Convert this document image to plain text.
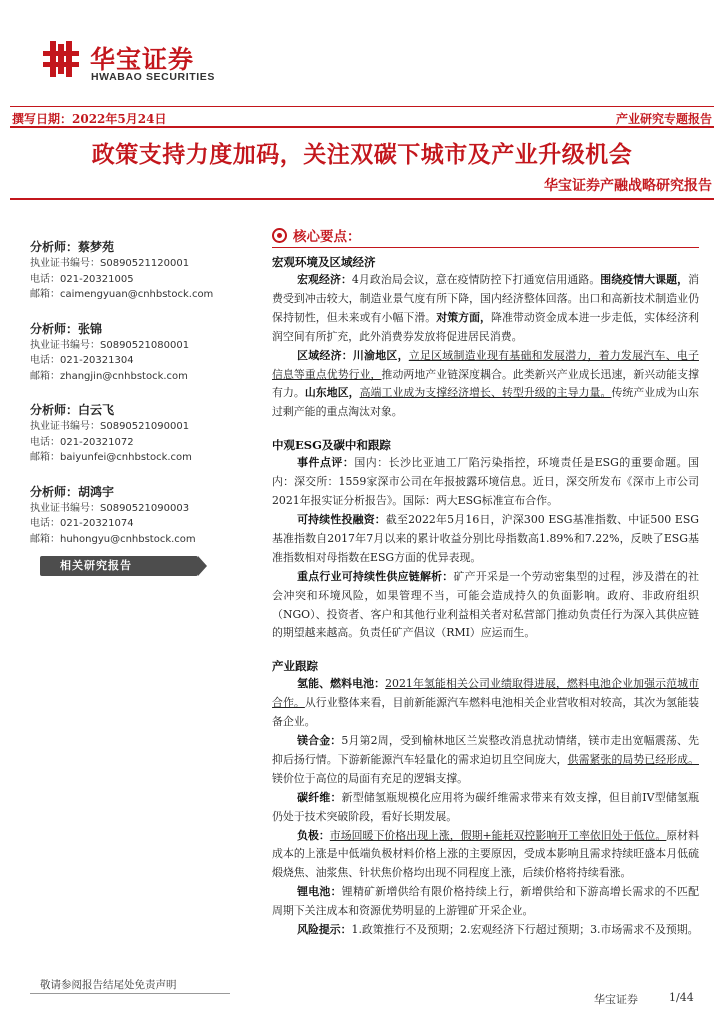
华宝证券
HWABAO SECURITIES
撰写日期：2022年5月24日	产业研究专题报告
政策支持力度加码，关注双碳下城市及产业升级机会
华宝证券产融战略研究报告
分析师：蔡梦苑
执业证书编号：S0890521120001
电话：021-20321005
邮箱：caimengyuan@cnhbstock.com
分析师：张锦
执业证书编号：S0890521080001
电话：021-20321304
邮箱：zhangjin@cnhbstock.com
分析师：白云飞
执业证书编号：S0890521090001
电话：021-20321072
邮箱：baiyunfei@cnhbstock.com
分析师：胡鸿宇
执业证书编号：S0890521090003
电话：021-20321074
邮箱：huhongyu@cnhbstock.com
相关研究报告
核心要点：
宏观环境及区域经济

宏观经济：4月政治局会议，意在疫情防控下打通宽信用通路。围绕疫情大课题，消费受到冲击较大，制造业景气度有所下降，国内经济整体回落。出口和高新技术制造业仍保持韧性，但未来或有小幅下滑。对策方面，降准带动资金成本进一步走低，实体经济利润空间有所扩充，此外消费券发放将促进居民消费。

区域经济：川渝地区，立足区域制造业现有基础和发展潜力，着力发展汽车、电子信息等重点优势行业，推动两地产业链深度耦合。此类新兴产业成长迅速，新兴动能支撑有力。山东地区，高端工业成为支撑经济增长、转型升级的主导力量。传统产业成为山东过剩产能的重点淘汰对象。

中观ESG及碳中和跟踪

事件点评：国内：长沙比亚迪工厂陷污染指控，环境责任是ESG的重要命题。国内：深交所：1559家深市公司在年报披露环境信息。近日，深交所发布《深市上市公司2021年报实证分析报告》。国际：两大ESG标准宣布合作。

可持续性投融资：截至2022年5月16日，沪深300 ESG基准指数、中证500 ESG基准指数自2017年7月以来的累计收益分别比母指数高1.89%和7.22%，反映了ESG基准指数相对母指数在ESG方面的优异表现。

重点行业可持续性供应链解析：矿产开采是一个劳动密集型的过程，涉及潜在的社会冲突和环境风险，如果管理不当，可能会造成持久的负面影响。政府、非政府组织（NGO）、投资者、客户和其他行业利益相关者对私营部门推动负责任行为深入其供应链的期望越来越高。负责任矿产倡议（RMI）应运而生。

产业跟踪

氢能、燃料电池：2021年氢能相关公司业绩取得进展，燃料电池企业加强示范城市合作。从行业整体来看，目前新能源汽车燃料电池相关企业营收相对较高，其次为氢能装备企业。

镁合金：5月第2周，受到榆林地区兰炭整改消息扰动情绪，镁市走出宽幅震荡、先抑后扬行情。下游新能源汽车轻量化的需求迫切且空间庞大，供需紧张的局势已经形成。镁价位于高位的局面有充足的逻辑支撑。

碳纤维：新型储氢瓶规模化应用将为碳纤维需求带来有效支撑，但目前IV型储氢瓶仍处于技术突破阶段，看好长期发展。

负极：市场回暖下价格出现上涨，假期+能耗双控影响开工率依旧处于低位。原材料成本的上涨是中低端负极材料价格上涨的主要原因，受成本影响且需求持续旺盛本月低硫煅烧焦、油浆焦、针状焦价格均出现不同程度上涨，后续价格将持续看涨。

锂电池：锂精矿新增供给有限价格持续上行，新增供给和下游高增长需求的不匹配周期下关注成本和资源优势明显的上游锂矿开采企业。

风险提示：1.政策推行不及预期；2.宏观经济下行超过预期；3.市场需求不及预期。

敬请参阅报告结尾处免责声明
华宝证券	1/44
